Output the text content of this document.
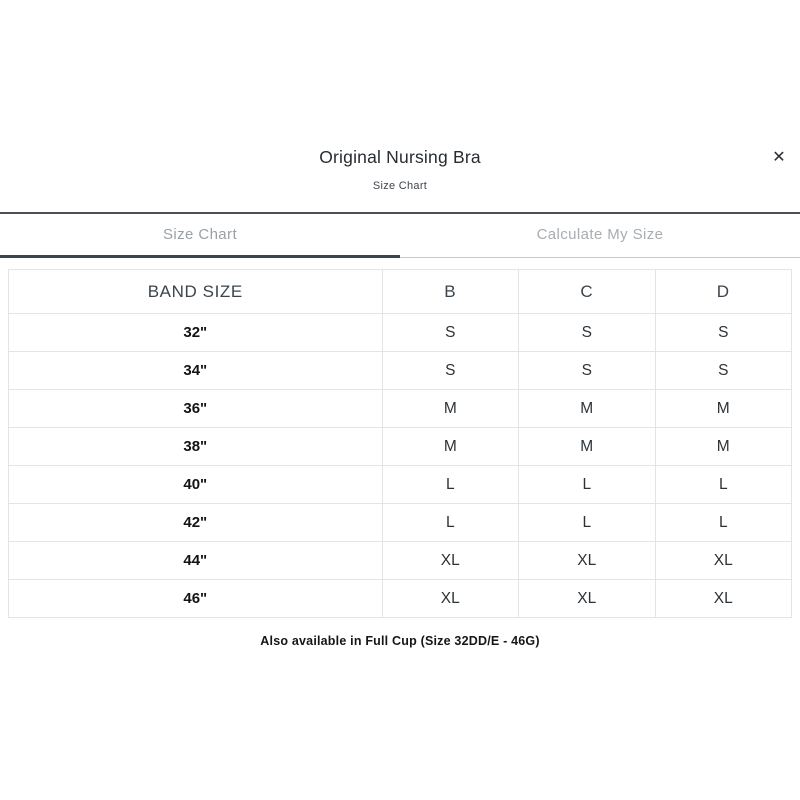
Original Nursing Bra
Size Chart
✕
Size Chart	Calculate My Size
BAND SIZE	B	C	D
32"	S	S	S
34"	S	S	S
36"	M	M	M
38"	M	M	M
40"	L	L	L
42"	L	L	L
44"	XL	XL	XL
46"	XL	XL	XL
Also available in Full Cup (Size 32DD/E - 46G)
